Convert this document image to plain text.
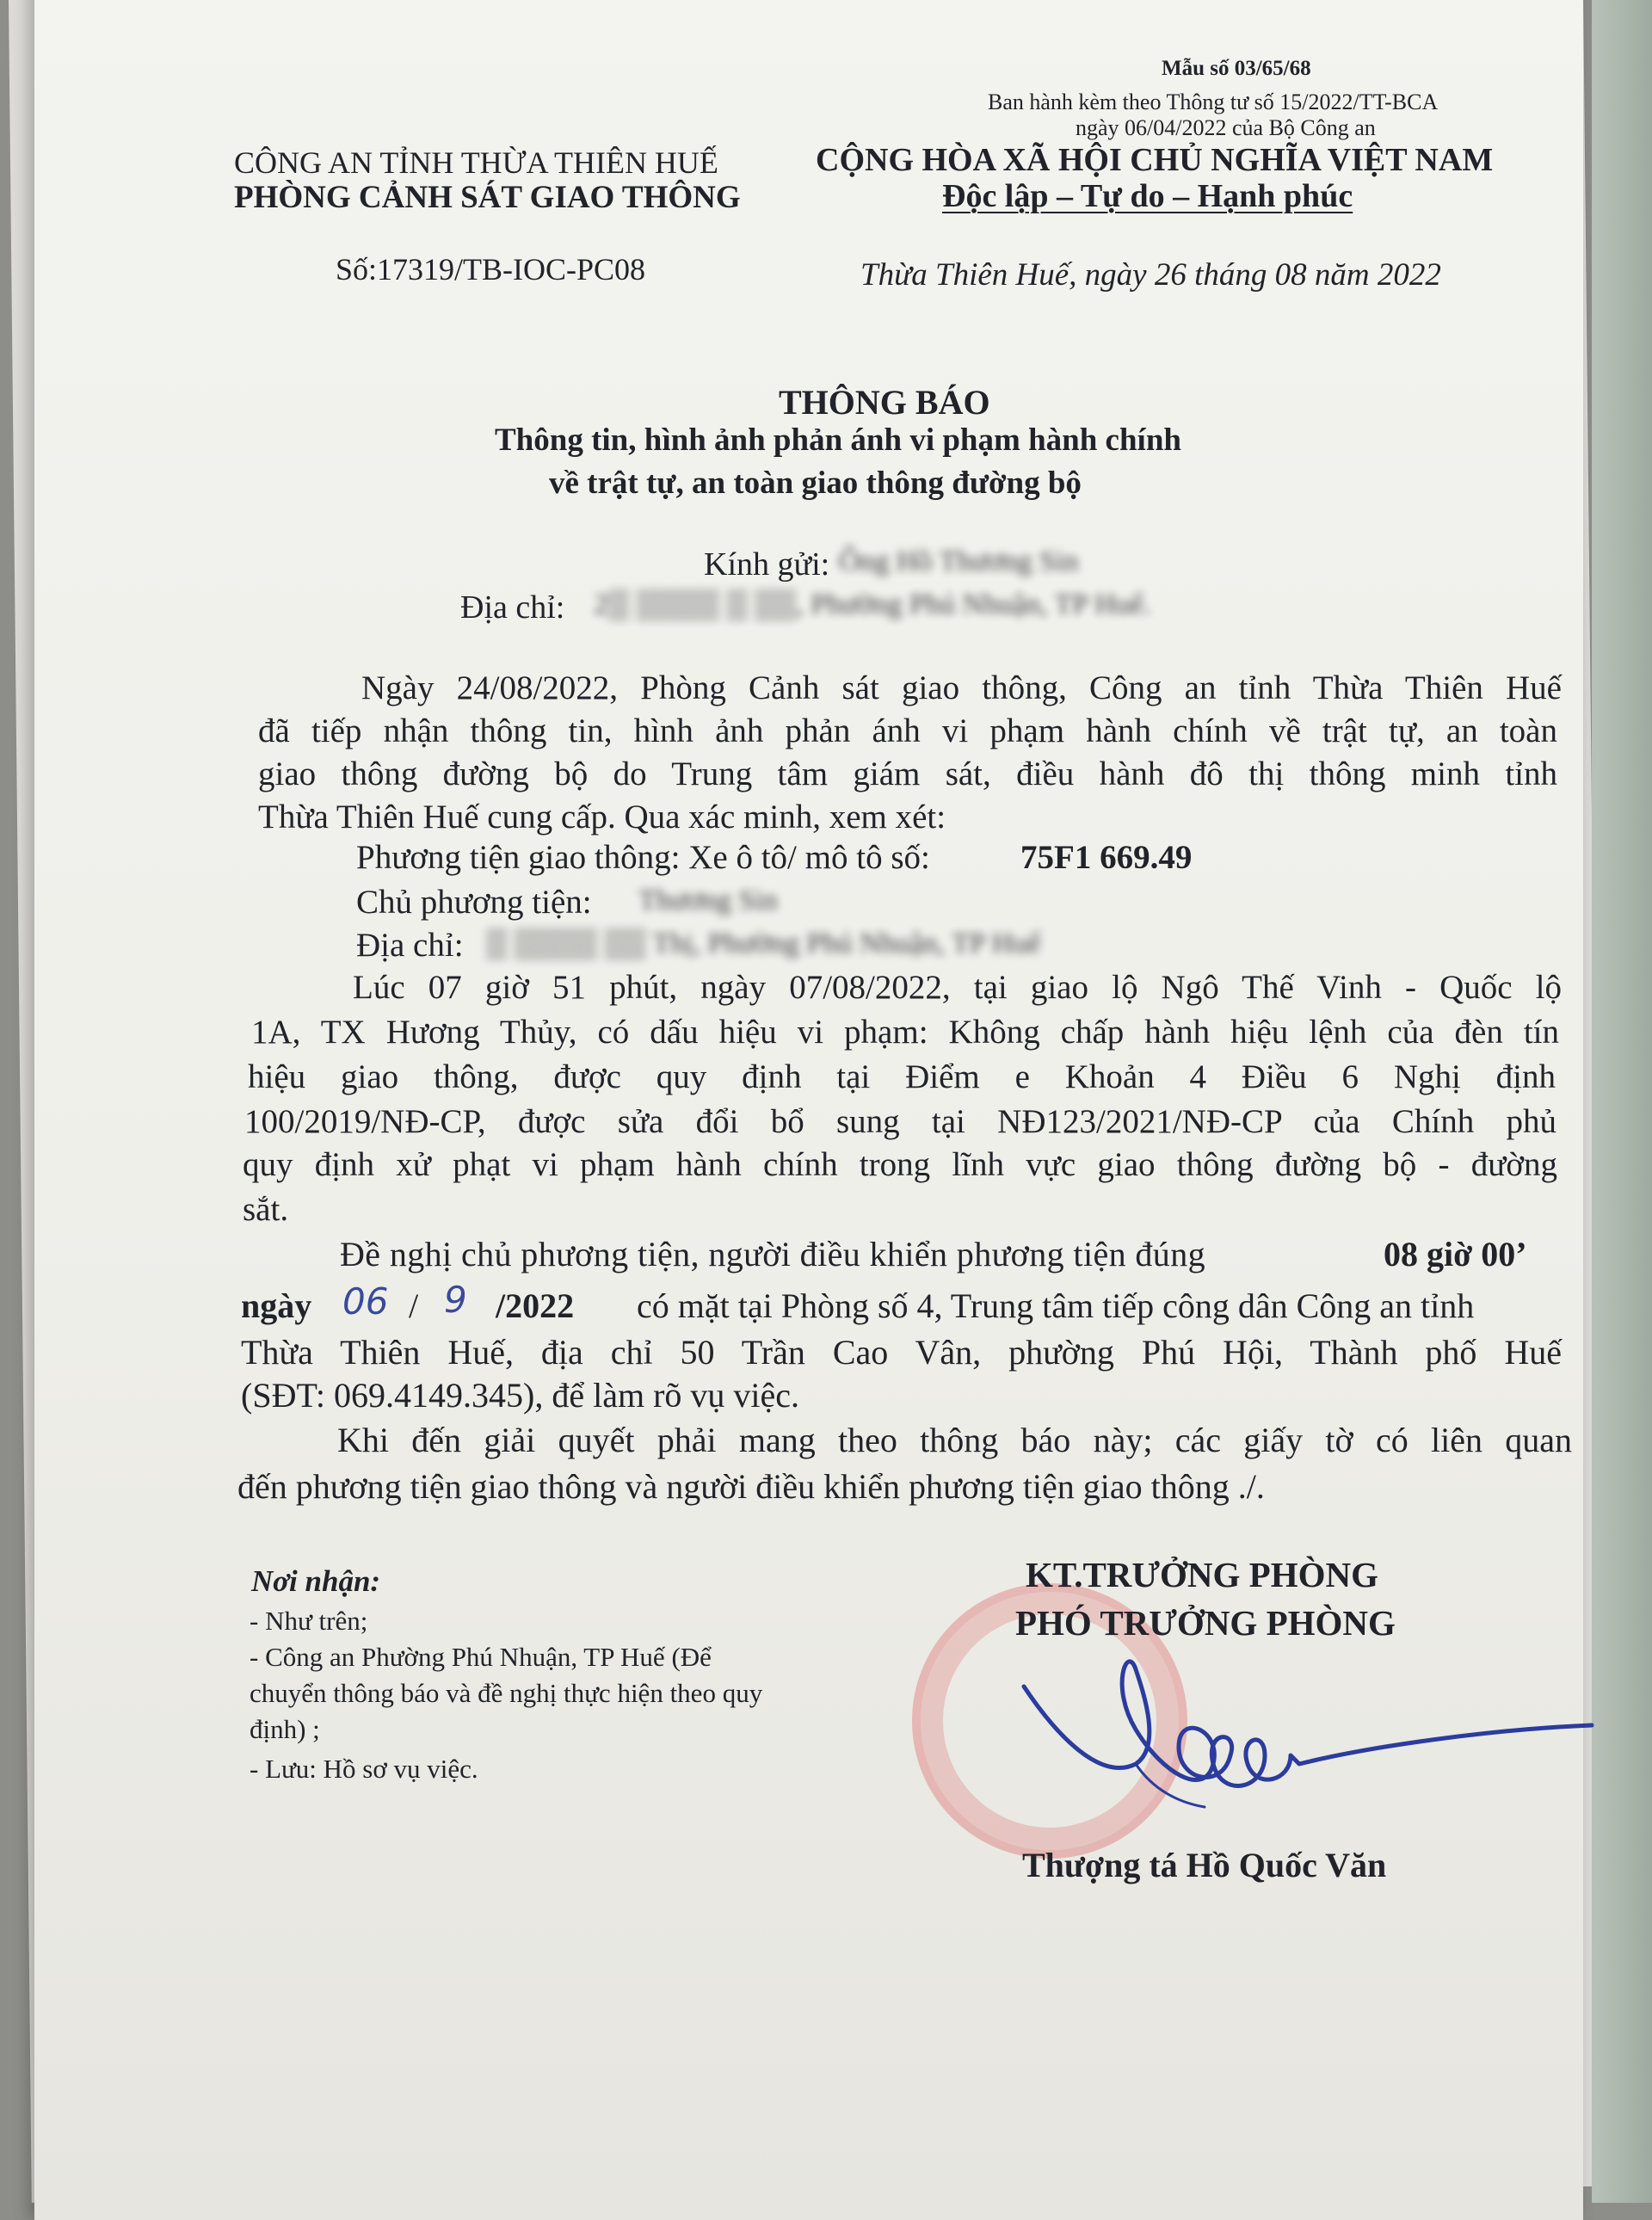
Mẫu số 03/65/68
Ban hành kèm theo Thông tư số 15/2022/TT-BCA
ngày 06/04/2022 của Bộ Công an
CÔNG AN TỈNH THỪA THIÊN HUẾ
PHÒNG CẢNH SÁT GIAO THÔNG
Số:17319/TB-IOC-PC08
CỘNG HÒA XÃ HỘI CHỦ NGHĨA VIỆT NAM
Độc lập – Tự do – Hạnh phúc
Thừa Thiên Huế, ngày 26 tháng 08 năm 2022
THÔNG BÁO
Thông tin, hình ảnh phản ánh vi phạm hành chính
về trật tự, an toàn giao thông đường bộ
Kính gửi: Ông Hồ Thương Sin
Địa chỉ: 2▒ ▒▒▒▒ ▒ ▒▒, Phường Phú Nhuận, TP Huế.
Ngày 24/08/2022, Phòng Cảnh sát giao thông, Công an tỉnh Thừa Thiên Huế
đã tiếp nhận thông tin, hình ảnh phản ánh vi phạm hành chính về trật tự, an toàn
giao thông đường bộ do Trung tâm giám sát, điều hành đô thị thông minh tỉnh
Thừa Thiên Huế cung cấp. Qua xác minh, xem xét:
Phương tiện giao thông: Xe ô tô/ mô tô số:	75F1 669.49
Chủ phương tiện: Thương Sin
Địa chỉ: ▒ ▒▒▒▒ ▒▒ Thị, Phường Phú Nhuận, TP Huế
Lúc 07 giờ 51 phút, ngày 07/08/2022, tại giao lộ Ngô Thế Vinh - Quốc lộ
1A, TX Hương Thủy, có dấu hiệu vi phạm: Không chấp hành hiệu lệnh của đèn tín
hiệu giao thông, được quy định tại Điểm e Khoản 4 Điều 6 Nghị định
100/2019/NĐ-CP, được sửa đổi bổ sung tại NĐ123/2021/NĐ-CP của Chính phủ
quy định xử phạt vi phạm hành chính trong lĩnh vực giao thông đường bộ - đường
sắt.
Đề nghị chủ phương tiện, người điều khiển phương tiện đúng	08 giờ 00’
ngày 06 / 9 /2022 có mặt tại Phòng số 4, Trung tâm tiếp công dân Công an tỉnh
Thừa Thiên Huế, địa chỉ 50 Trần Cao Vân, phường Phú Hội, Thành phố Huế
(SĐT: 069.4149.345), để làm rõ vụ việc.
Khi đến giải quyết phải mang theo thông báo này; các giấy tờ có liên quan
đến phương tiện giao thông và người điều khiển phương tiện giao thông ./.
Nơi nhận:
- Như trên;
- Công an Phường Phú Nhuận, TP Huế (Để
chuyển thông báo và đề nghị thực hiện theo quy
định) ;
- Lưu: Hồ sơ vụ việc.
KT.TRƯỞNG PHÒNG
PHÓ TRƯỞNG PHÒNG
Thượng tá Hồ Quốc Văn
